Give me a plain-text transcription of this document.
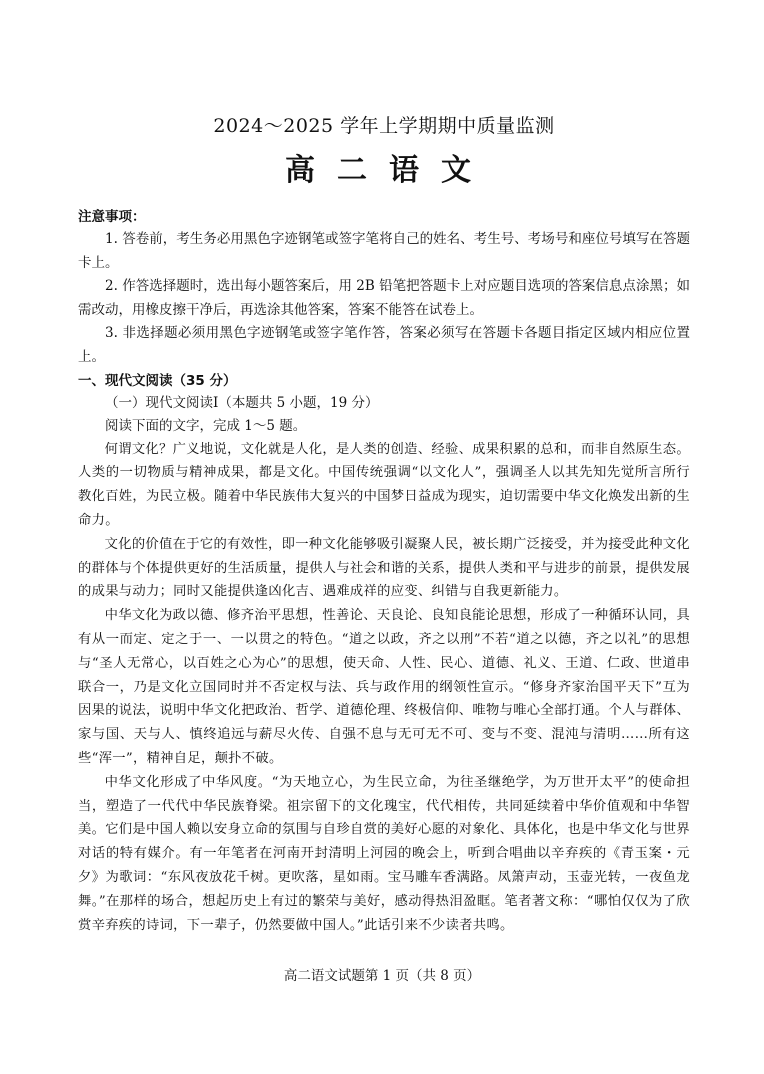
2024～2025 学年上学期期中质量监测
高二语文
注意事项：

1. 答卷前，考生务必用黑色字迹钢笔或签字笔将自己的姓名、考生号、考场号和座位号填写在答题卡上。

2. 作答选择题时，选出每小题答案后，用 2B 铅笔把答题卡上对应题目选项的答案信息点涂黑；如需改动，用橡皮擦干净后，再选涂其他答案，答案不能答在试卷上。

3. 非选择题必须用黑色字迹钢笔或签字笔作答，答案必须写在答题卡各题目指定区域内相应位置上。

一、现代文阅读（35 分）
（一）现代文阅读Ⅰ（本题共 5 小题，19 分）
阅读下面的文字，完成 1～5 题。

何谓文化？广义地说，文化就是人化，是人类的创造、经验、成果积累的总和，而非自然原生态。人类的一切物质与精神成果，都是文化。中国传统强调“以文化人”，强调圣人以其先知先觉所言所行教化百姓，为民立极。随着中华民族伟大复兴的中国梦日益成为现实，迫切需要中华文化焕发出新的生命力。

文化的价值在于它的有效性，即一种文化能够吸引凝聚人民，被长期广泛接受，并为接受此种文化的群体与个体提供更好的生活质量，提供人与社会和谐的关系，提供人类和平与进步的前景，提供发展的成果与动力；同时又能提供逢凶化吉、遇难成祥的应变、纠错与自我更新能力。

中华文化为政以德、修齐治平思想，性善论、天良论、良知良能论思想，形成了一种循环认同，具有从一而定、定之于一、一以贯之的特色。“道之以政，齐之以刑”不若“道之以德，齐之以礼”的思想与“圣人无常心，以百姓之心为心”的思想，使天命、人性、民心、道德、礼义、王道、仁政、世道串联合一，乃是文化立国同时并不否定权与法、兵与政作用的纲领性宣示。“修身齐家治国平天下”互为因果的说法，说明中华文化把政治、哲学、道德伦理、终极信仰、唯物与唯心全部打通。个人与群体、家与国、天与人、慎终追远与薪尽火传、自强不息与无可无不可、变与不变、混沌与清明……所有这些“浑一”，精神自足，颠扑不破。

中华文化形成了中华风度。“为天地立心，为生民立命，为往圣继绝学，为万世开太平”的使命担当，塑造了一代代中华民族脊梁。祖宗留下的文化瑰宝，代代相传，共同延续着中华价值观和中华智美。它们是中国人赖以安身立命的氛围与自珍自赏的美好心愿的对象化、具体化，也是中华文化与世界对话的特有媒介。有一年笔者在河南开封清明上河园的晚会上，听到合唱曲以辛弃疾的《青玉案・元夕》为歌词：“东风夜放花千树。更吹落，星如雨。宝马雕车香满路。凤箫声动，玉壶光转，一夜鱼龙舞。”在那样的场合，想起历史上有过的繁荣与美好，感动得热泪盈眶。笔者著文称：“哪怕仅仅为了欣赏辛弃疾的诗词，下一辈子，仍然要做中国人。”此话引来不少读者共鸣。

高二语文试题第 1 页（共 8 页）
